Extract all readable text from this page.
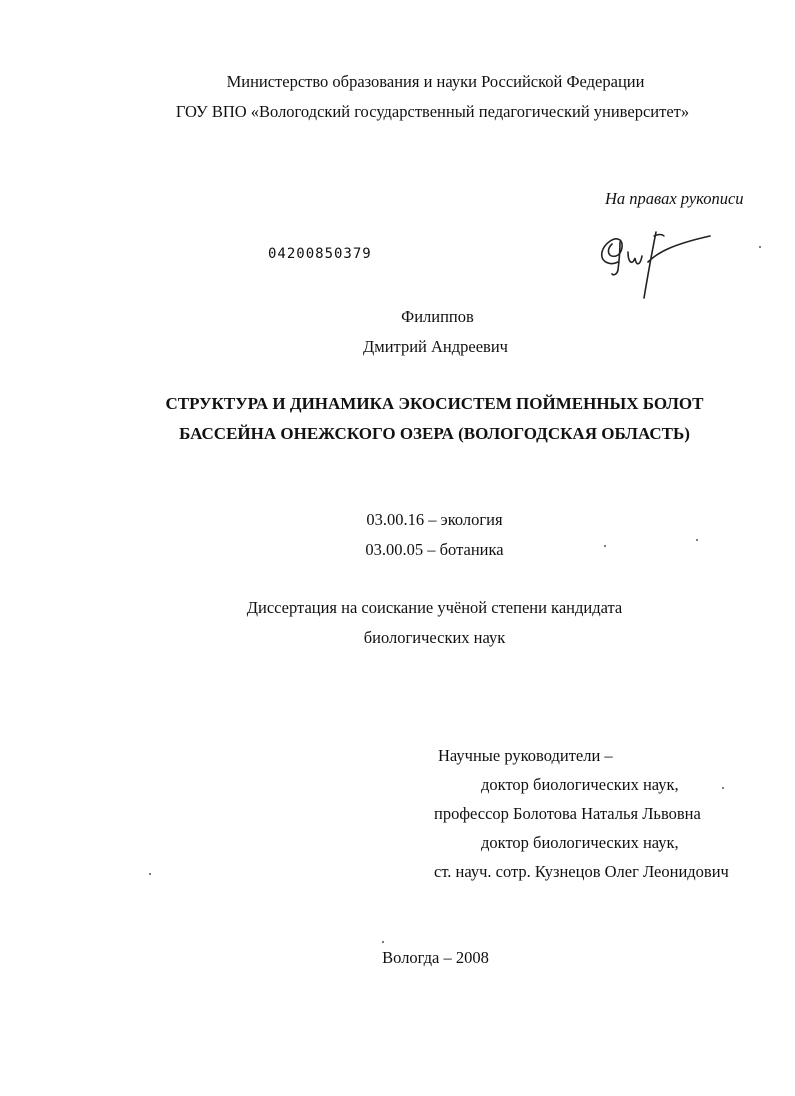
Министерство образования и науки Российской Федерации
ГОУ ВПО «Вологодский государственный педагогический университет»
На правах рукописи
04200850379
Филиппов
Дмитрий Андреевич
СТРУКТУРА И ДИНАМИКА ЭКОСИСТЕМ ПОЙМЕННЫХ БОЛОТ
БАССЕЙНА ОНЕЖСКОГО ОЗЕРА (ВОЛОГОДСКАЯ ОБЛАСТЬ)
03.00.16 – экология
03.00.05 – ботаника
Диссертация на соискание учёной степени кандидата
биологических наук
Научные руководители –
доктор биологических наук,
профессор Болотова Наталья Львовна
доктор биологических наук,
ст. науч. сотр. Кузнецов Олег Леонидович
Вологда – 2008
